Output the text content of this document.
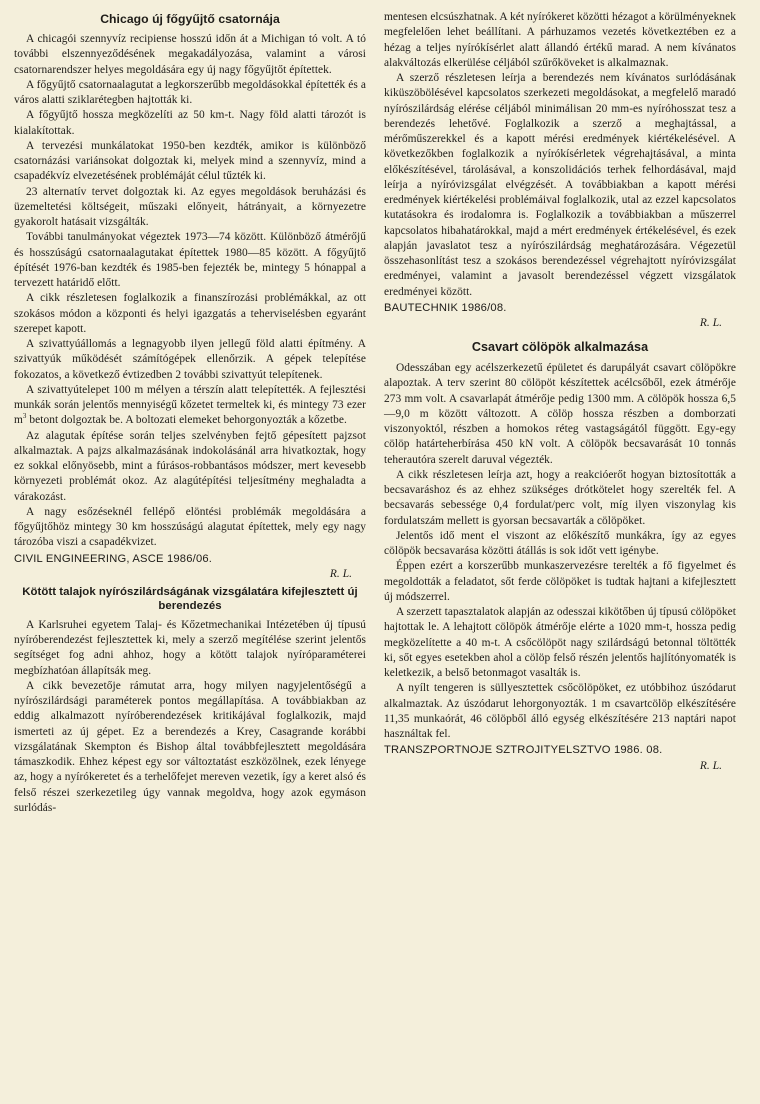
Chicago új főgyűjtő csatornája

A chicagói szennyvíz recipiense hosszú időn át a Michigan tó volt. A tó további elszennyeződésének megakadályozása, valamint a városi csatornarendszer helyes megoldására egy új nagy főgyűjtőt építettek.

A főgyűjtő csatornaalagutat a legkorszerűbb megoldásokkal építették és a város alatti sziklarétegben hajtották ki.

A főgyűjtő hossza megközelíti az 50 km-t. Nagy föld alatti tározót is kialakítottak.

A tervezési munkálatokat 1950-ben kezdték, amikor is különböző csatornázási variánsokat dolgoztak ki, melyek mind a szennyvíz, mind a csapadékvíz elvezetésének problémáját célul tűzték ki.

23 alternatív tervet dolgoztak ki. Az egyes megoldások beruházási és üzemeltetési költségeit, műszaki előnyeit, hátrányait, a környezetre gyakorolt hatásait vizsgálták.

További tanulmányokat végeztek 1973—74 között. Különböző átmérőjű és hosszúságú csatornaalagutakat építettek 1980—85 között. A főgyűjtő építését 1976-ban kezdték és 1985-ben fejezték be, mintegy 5 hónappal a tervezett határidő előtt.

A cikk részletesen foglalkozik a finanszírozási problémákkal, az ott szokásos módon a központi és helyi igazgatás a teherviselésben egyaránt szerepet kapott.

A szivattyúállomás a legnagyobb ilyen jellegű föld alatti építmény. A szivattyúk működését számítógépek ellenőrzik. A gépek telepítése fokozatos, a következő évtizedben 2 további szivattyút telepítenek.

A szivattyútelepet 100 m mélyen a térszín alatt telepítették. A fejlesztési munkák során jelentős mennyiségű kőzetet termeltek ki, és mintegy 73 ezer $m^3$ betont dolgoztak be. A boltozati elemeket behorgonyozták a kőzetbe.

Az alagutak építése során teljes szelvényben fejtő gépesített pajzsot alkalmaztak. A pajzs alkalmazásának indokolásánál arra hivatkoztak, hogy ez sokkal előnyösebb, mint a fúrásos-robbantásos módszer, mert kevesebb környezeti problémát okoz. Az alagútépítési teljesítmény meghaladta a várakozást.

A nagy esőzéseknél fellépő elöntési problémák megoldására a főgyűjtőhöz mintegy 30 km hosszúságú alagutat építettek, mely egy nagy tározóba viszi a csapadékvizet.

CIVIL ENGINEERING, ASCE 1986/06.
R. L.
Kötött talajok nyírószilárdságának vizsgálatára kifejlesztett új berendezés

A Karlsruhei egyetem Talaj- és Kőzetmechanikai Intézetében új típusú nyíróberendezést fejlesztettek ki, mely a szerző megítélése szerint jelentős segítséget fog adni ahhoz, hogy a kötött talajok nyíróparaméterei megbízhatóan állapítsák meg.

A cikk bevezetője rámutat arra, hogy milyen nagyjelentőségű a nyírószilárdsági paraméterek pontos megállapítása. A továbbiakban az eddig alkalmazott nyíróberendezések kritikájával foglalkozik, majd ismerteti az új gépet. Ez a berendezés a Krey, Casagrande korábbi vizsgálatának Skempton és Bishop által továbbfejlesztett megoldására támaszkodik. Ehhez képest egy sor változtatást eszközölnek, ezek lényege az, hogy a nyírókeretet és a terhelőfejet mereven vezetik, így a keret alsó és felső részei szerkezetileg úgy vannak megoldva, hogy azok egymáson surlódás-

mentesen elcsúszhatnak. A két nyírókeret közötti hézagot a körülményeknek megfelelően lehet beállítani. A párhuzamos vezetés következtében ez a hézag a teljes nyírókísérlet alatt állandó értékű marad. A nem kívánatos alakváltozás elkerülése céljából szűrőköveket is alkalmaznak.

A szerző részletesen leírja a berendezés nem kívánatos surlódásának kiküszöbölésével kapcsolatos szerkezeti megoldásokat, a megfelelő maradó nyírószilárdság elérése céljából minimálisan 20 mm-es nyíróhosszat tesz a berendezés lehetővé. Foglalkozik a szerző a meghajtással, a mérőműszerekkel és a kapott mérési eredmények kiértékelésével. A következőkben foglalkozik a nyírókísérletek végrehajtásával, a minta előkészítésével, tárolásával, a konszolidációs terhek felhordásával, majd leírja a nyíróvizsgálat elvégzését. A továbbiakban a kapott mérési eredmények kiértékelési problémáival foglalkozik, utal az ezzel kapcsolatos kutatásokra és irodalomra is. Foglalkozik a továbbiakban a műszerrel kapcsolatos hibahatárokkal, majd a mért eredmények értékelésével, és ezek alapján javaslatot tesz a nyírószilárdság meghatározására. Végezetül összehasonlítást tesz a szokásos berendezéssel végrehajtott nyíróvizsgálat eredményei, valamint a javasolt berendezéssel végzett vizsgálatok eredményei között.

BAUTECHNIK 1986/08.
R. L.
Csavart cölöpök alkalmazása

Odesszában egy acélszerkezetű épületet és darupályát csavart cölöpökre alapoztak. A terv szerint 80 cölöpöt készítettek acélcsőből, ezek átmérője 273 mm volt. A csavarlapát átmérője pedig 1300 mm. A cölöpök hossza 6,5—9,0 m között változott. A cölöp hossza részben a domborzati viszonyoktól, részben a homokos réteg vastagságától függött. Egy-egy cölöp határteherbírása 450 kN volt. A cölöpök becsavarását 10 tonnás teherautóra szerelt daruval végezték.

A cikk részletesen leírja azt, hogy a reakcióerőt hogyan biztosították a becsavaráshoz és az ehhez szükséges drótkötelet hogy szerelték fel. A becsavarás sebessége 0,4 fordulat/perc volt, míg ilyen viszonylag kis fordulatszám mellett is gyorsan becsavarták a cölöpöket.

Jelentős idő ment el viszont az előkészítő munkákra, így az egyes cölöpök becsavarása közötti átállás is sok időt vett igénybe.

Éppen ezért a korszerűbb munkaszervezésre terelték a fő figyelmet és megoldották a feladatot, sőt ferde cölöpöket is tudtak hajtani a kifejlesztett új módszerrel.

A szerzett tapasztalatok alapján az odesszai kikötőben új típusú cölöpöket hajtottak le. A lehajtott cölöpök átmérője elérte a 1020 mm-t, hossza pedig megközelítette a 40 m-t. A csőcölöpöt nagy szilárdságú betonnal töltötték ki, sőt egyes esetekben ahol a cölöp felső részén jelentős hajlítónyomaték is keletkezik, a belső betonmagot vasalták is.

A nyílt tengeren is süllyesztettek csőcölöpöket, ez utóbbihoz úszódarut alkalmaztak. Az úszódarut lehorgonyozták. 1 m csavartcölöp elkészítésére 11,35 munkaórát, 46 cölöpből álló egység elkészítésére 213 naptári napot használtak fel.

TRANSZPORTNOJE SZTROJITYELSZTVO 1986. 08.
R. L.
